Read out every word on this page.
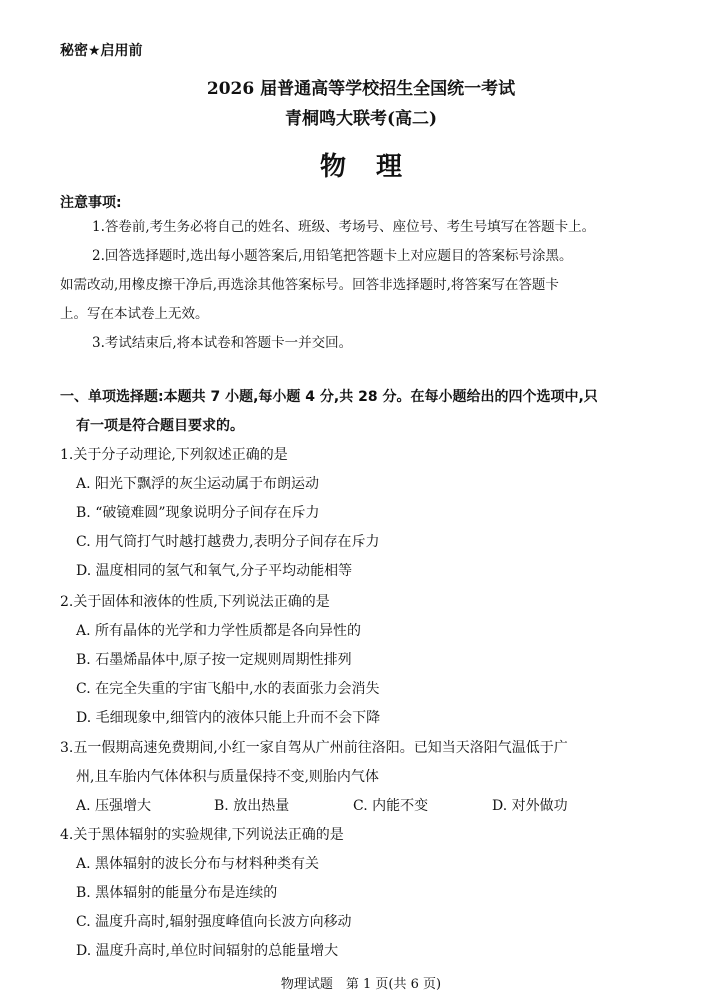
秘密★启用前
2026 届普通高等学校招生全国统一考试
青桐鸣大联考(高二)
物理
注意事项:
1.答卷前,考生务必将自己的姓名、班级、考场号、座位号、考生号填写在答题卡上。
2.回答选择题时,选出每小题答案后,用铅笔把答题卡上对应题目的答案标号涂黑。
如需改动,用橡皮擦干净后,再选涂其他答案标号。回答非选择题时,将答案写在答题卡
上。写在本试卷上无效。
3.考试结束后,将本试卷和答题卡一并交回。
一、单项选择题:本题共 7 小题,每小题 4 分,共 28 分。在每小题给出的四个选项中,只
有一项是符合题目要求的。
1.关于分子动理论,下列叙述正确的是
A. 阳光下飘浮的灰尘运动属于布朗运动
B. “破镜难圆”现象说明分子间存在斥力
C. 用气筒打气时越打越费力,表明分子间存在斥力
D. 温度相同的氢气和氧气,分子平均动能相等
2.关于固体和液体的性质,下列说法正确的是
A. 所有晶体的光学和力学性质都是各向异性的
B. 石墨烯晶体中,原子按一定规则周期性排列
C. 在完全失重的宇宙飞船中,水的表面张力会消失
D. 毛细现象中,细管内的液体只能上升而不会下降
3.五一假期高速免费期间,小红一家自驾从广州前往洛阳。已知当天洛阳气温低于广
州,且车胎内气体体积与质量保持不变,则胎内气体
A. 压强增大	B. 放出热量	C. 内能不变	D. 对外做功
4.关于黑体辐射的实验规律,下列说法正确的是
A. 黑体辐射的波长分布与材料种类有关
B. 黑体辐射的能量分布是连续的
C. 温度升高时,辐射强度峰值向长波方向移动
D. 温度升高时,单位时间辐射的总能量增大
物理试题　第 1 页(共 6 页)
